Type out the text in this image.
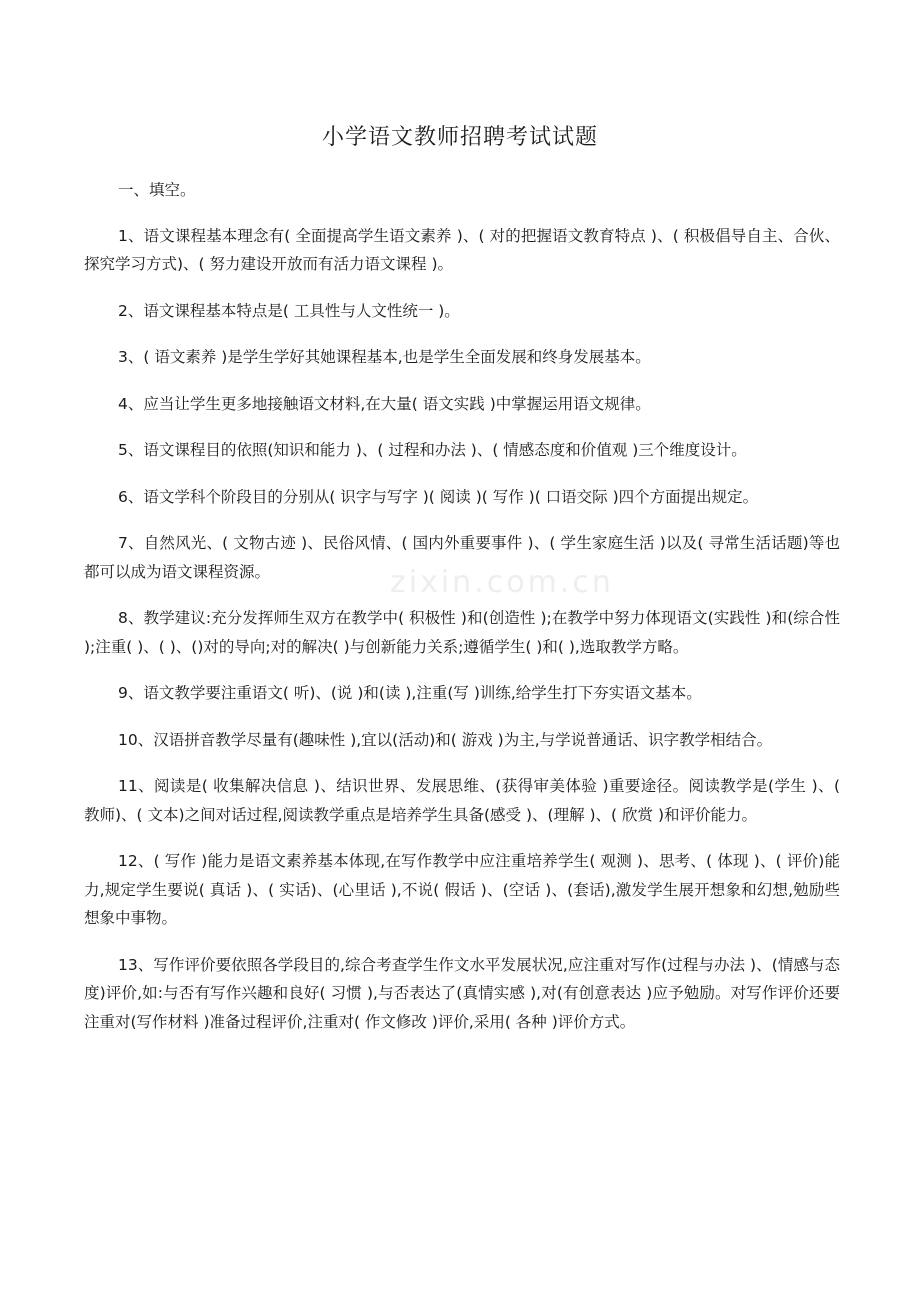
zixin.com.cn
小学语文教师招聘考试试题

一、填空。

1、语文课程基本理念有( 全面提高学生语文素养 )、( 对的把握语文教育特点 )、( 积极倡导自主、合伙、探究学习方式)、( 努力建设开放而有活力语文课程 )。

2、语文课程基本特点是( 工具性与人文性统一 )。

3、( 语文素养 )是学生学好其她课程基本,也是学生全面发展和终身发展基本。

4、应当让学生更多地接触语文材料,在大量( 语文实践 )中掌握运用语文规律。

5、语文课程目的依照(知识和能力 )、( 过程和办法 )、( 情感态度和价值观 )三个维度设计。

6、语文学科个阶段目的分别从( 识字与写字 )( 阅读 )( 写作 )( 口语交际 )四个方面提出规定。

7、自然风光、( 文物古迹 )、民俗风情、( 国内外重要事件 )、( 学生家庭生活 )以及( 寻常生活话题)等也都可以成为语文课程资源。

8、教学建议:充分发挥师生双方在教学中( 积极性 )和(创造性 );在教学中努力体现语文(实践性 )和(综合性 );注重( )、( )、()对的导向;对的解决( )与创新能力关系;遵循学生( )和( ),选取教学方略。

9、语文教学要注重语文( 听)、(说 )和(读 ),注重(写 )训练,给学生打下夯实语文基本。

10、汉语拼音教学尽量有(趣味性 ),宜以(活动)和( 游戏 )为主,与学说普通话、识字教学相结合。

11、阅读是( 收集解决信息 )、结识世界、发展思维、(获得审美体验 )重要途径。阅读教学是(学生 )、( 教师)、( 文本)之间对话过程,阅读教学重点是培养学生具备(感受 )、(理解 )、( 欣赏 )和评价能力。

12、( 写作 )能力是语文素养基本体现,在写作教学中应注重培养学生( 观测 )、思考、( 体现 )、( 评价)能力,规定学生要说( 真话 )、( 实话)、(心里话 ),不说( 假话 )、(空话 )、(套话),激发学生展开想象和幻想,勉励些想象中事物。

13、写作评价要依照各学段目的,综合考查学生作文水平发展状况,应注重对写作(过程与办法 )、(情感与态度)评价,如:与否有写作兴趣和良好( 习惯 ),与否表达了(真情实感 ),对(有创意表达 )应予勉励。对写作评价还要注重对(写作材料 )准备过程评价,注重对( 作文修改 )评价,采用( 各种 )评价方式。
